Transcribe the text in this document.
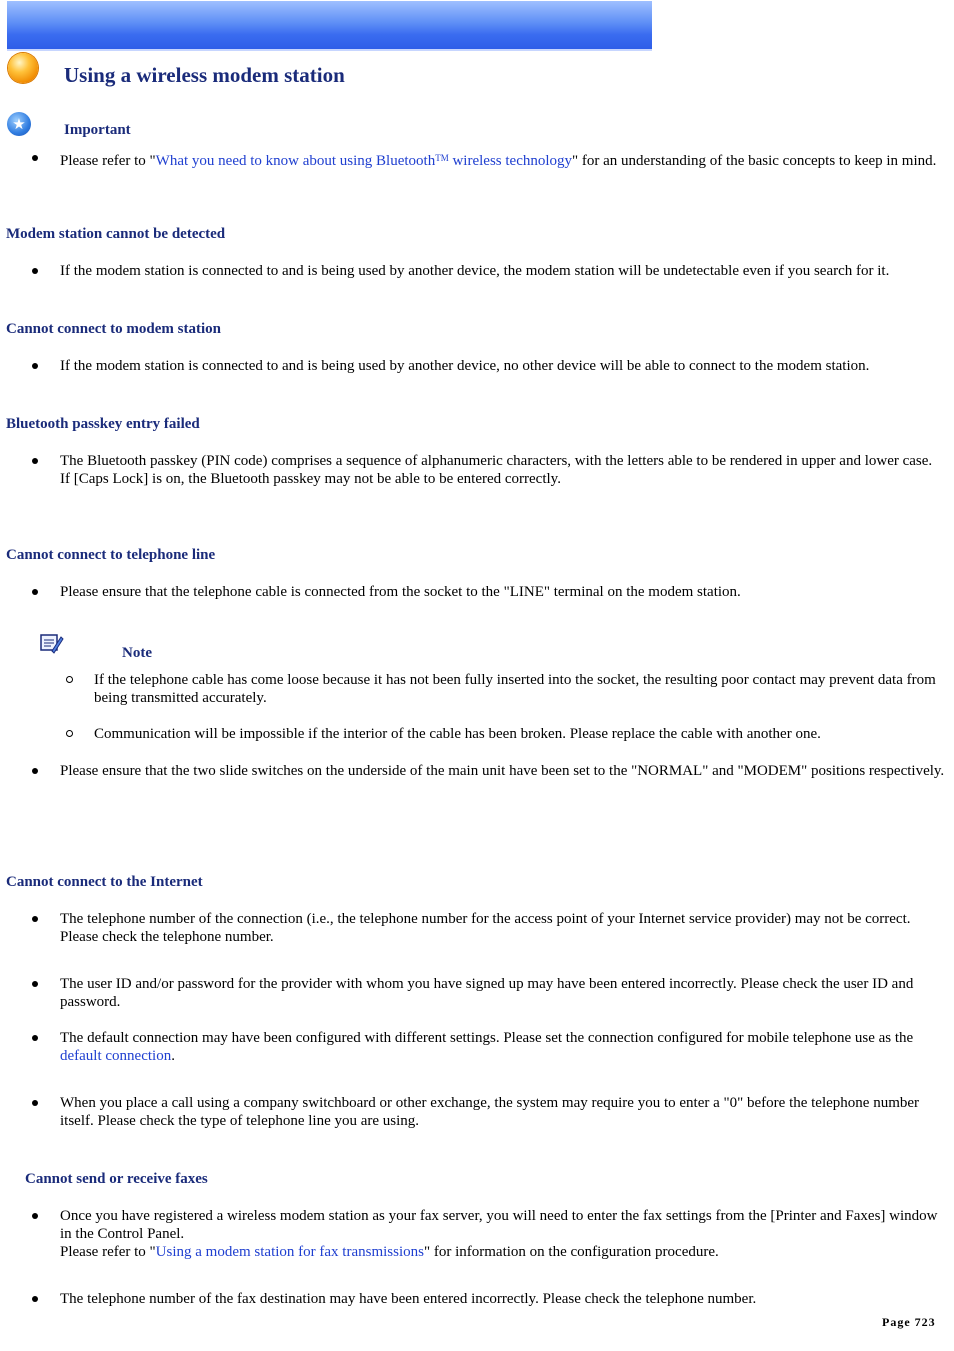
Using a wireless modem station
★	Important
Please refer to "What you need to know about using Bluetooth™ wireless technology" for an understanding of the basic concepts to keep in mind.
Modem station cannot be detected
If the modem station is connected to and is being used by another device, the modem station will be undetectable even if you search for it.
Cannot connect to modem station
If the modem station is connected to and is being used by another device, no other device will be able to connect to the modem station.
Bluetooth passkey entry failed
The Bluetooth passkey (PIN code) comprises a sequence of alphanumeric characters, with the letters able to be rendered in upper and lower case.
If [Caps Lock] is on, the Bluetooth passkey may not be able to be entered correctly.
Cannot connect to telephone line
Please ensure that the telephone cable is connected from the socket to the "LINE" terminal on the modem station.
Note
If the telephone cable has come loose because it has not been fully inserted into the socket, the resulting poor contact may prevent data from being transmitted accurately.
Communication will be impossible if the interior of the cable has been broken. Please replace the cable with another one.
Please ensure that the two slide switches on the underside of the main unit have been set to the "NORMAL" and "MODEM" positions respectively.
Cannot connect to the Internet
The telephone number of the connection (i.e., the telephone number for the access point of your Internet service provider) may not be correct. Please check the telephone number.
The user ID and/or password for the provider with whom you have signed up may have been entered incorrectly. Please check the user ID and password.
The default connection may have been configured with different settings. Please set the connection configured for mobile telephone use as the default connection.
When you place a call using a company switchboard or other exchange, the system may require you to enter a "0" before the telephone number itself. Please check the type of telephone line you are using.
Cannot send or receive faxes
Once you have registered a wireless modem station as your fax server, you will need to enter the fax settings from the [Printer and Faxes] window in the Control Panel.
Please refer to "Using a modem station for fax transmissions" for information on the configuration procedure.
The telephone number of the fax destination may have been entered incorrectly. Please check the telephone number.
Page 723
